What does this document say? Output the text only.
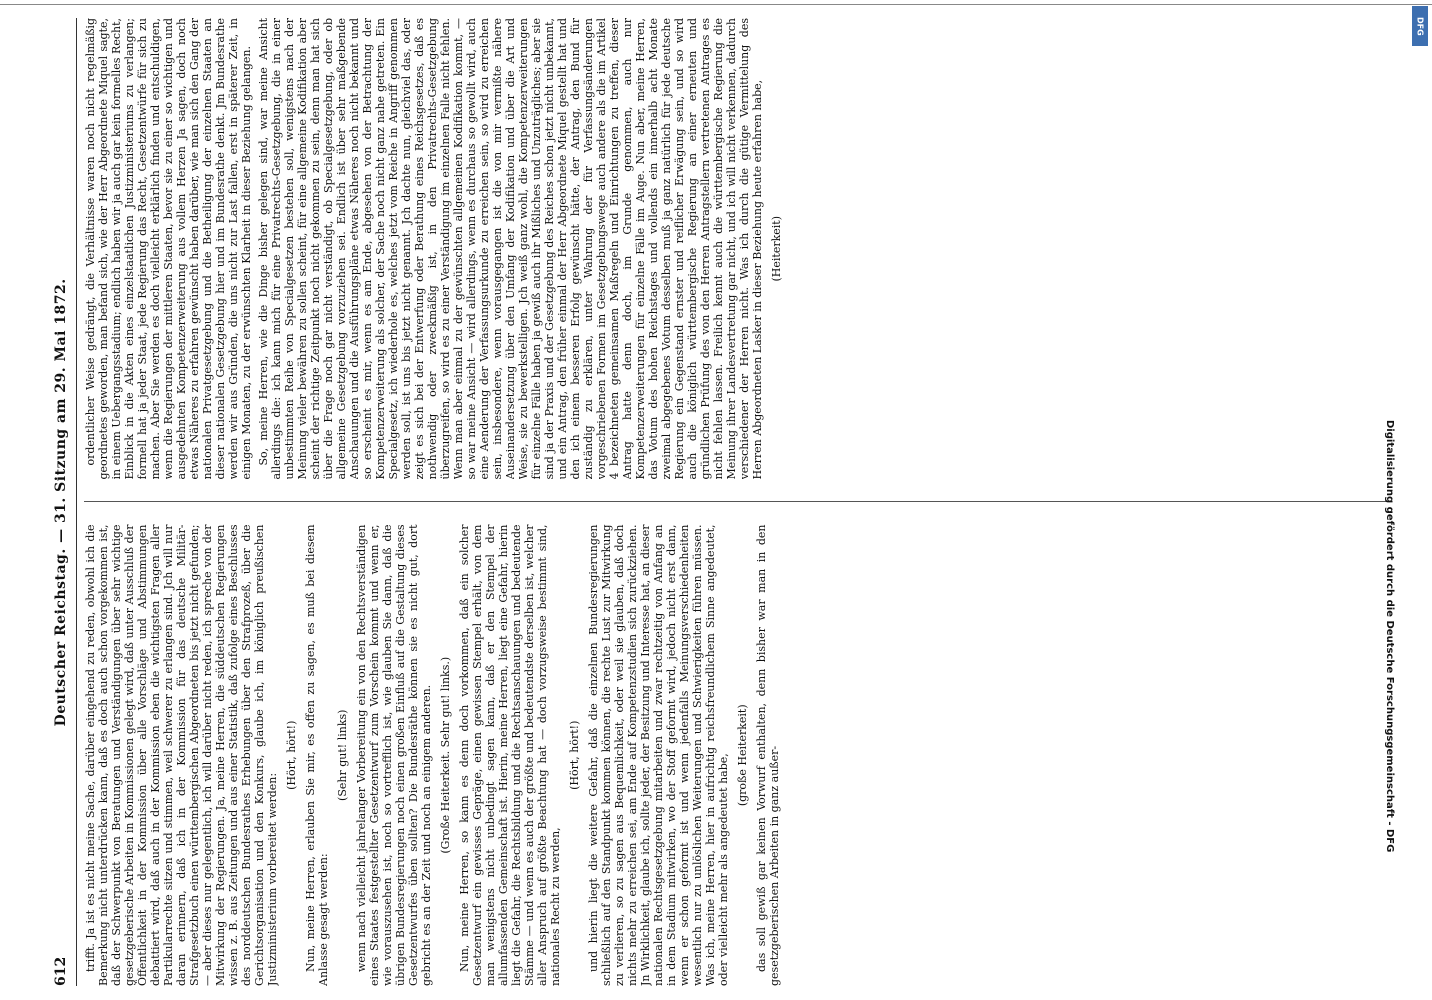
612
Deutscher Reichstag. — 31. Sitzung am 29. Mai 1872.

trifft. Ja ist es nicht meine Sache, darüber eingehend zu reden, obwohl ich die Bemerkung nicht unterdrücken kann, daß es doch auch schon vorgekommen ist, daß der Schwerpunkt von Beratungen und Verständigungen über sehr wichtige gesetzgeberische Arbeiten in Kommissionen gelegt wird, daß unter Ausschluß der Öffentlichkeit in der Kommission über alle Vorschläge und Abstimmungen debattiert wird, daß auch in der Kommission eben die wichtigsten Fragen aller Partikularrechte sitzen und stimmen, weil schwerer zu erlangen sind. Jch will nur daran erinnern, daß ich in der Kommission für das deutsche Militär-Strafgesetzbuch einen württembergischen Abgeordneten bis jetzt nicht gefunden; — aber dieses nur gelegentlich, ich will darüber nicht reden, ich spreche von der Mitwirkung der Regierungen. Ja, meine Herren, die süddeutschen Regierungen wissen z. B. aus Zeitungen und aus einer Statistik, daß zufolge eines Beschlusses des norddeutschen Bundesrathes Erhebungen über den Strafprozeß, über die Gerichtsorganisation und den Konkurs, glaube ich, im königlich preußischen Justizministerium vorbereitet werden:

(Hört, hört!) Nun, meine Herren, erlauben Sie mir, es offen zu sagen, es muß bei diesem Anlasse gesagt werden:

(Sehr gut! links) wenn nach vielleicht jahrelanger Vorbereitung ein von den Rechtsverständigen eines Staates festgestellter Gesetzentwurf zum Vorschein kommt und wenn er, wie vorauszusehen ist, noch so vortrefflich ist, wie glauben Sie dann, daß die übrigen Bundesregierungen noch einen großen Einfluß auf die Gestaltung dieses Gesetzentwurfes üben sollten? Die Bundesräthe können sie es nicht gut, dort gebricht es an der Zeit und noch an einigem anderen. (Große Heiterkeit. Sehr gut! links.) Nun, meine Herren, so kann es denn doch vorkommen, daß ein solcher Gesetzentwurf ein gewisses Gepräge, einen gewissen Stempel erhält, von dem man wenigstens nicht unbedingt sagen kann, daß er den Stempel der allumfassenden Gemeinschaft ist. Hierin, meine Herren, liegt eine Gefahr, hierin liegt die Gefahr, die Rechtsbildung und die Rechtsanschauungen und bedeutende Stämme — und wenn es auch der größte und bedeutendste derselben ist, welcher aller Anspruch auf größte Beachtung hat — doch vorzugsweise bestimmt sind, nationales Recht zu werden,

(Hört, hört!) und hierin liegt die weitere Gefahr, daß die einzelnen Bundesregierungen schließlich auf den Standpunkt kommen können, die rechte Lust zur Mitwirkung zu verlieren, so zu sagen aus Bequemlichkeit, oder weil sie glauben, daß doch nichts mehr zu erreichen sei, am Ende auf Kompetenzstudien sich zurückziehen. Jn Wirklichkeit, glaube ich, sollte jeder, der Besitzung und Interesse hat, an dieser nationalen Rechtsgesetzgebung mitarbeiten und zwar rechtzeitig von Anfang an in dem Stadium mitwirken, wo der Stoff geformt wird, jedoch nicht erst dann, wenn er schon geformt ist und wenn jedenfalls Meinungsverschiedenheiten wesentlich nur zu unlöslichen Weiterungen und Schwierigkeiten führen müssen. Was ich, meine Herren, hier in aufrichtig reichsfreundlichem Sinne angedeutet, oder vielleicht mehr als angedeutet habe, (große Heiterkeit) das soll gewiß gar keinen Vorwurf enthalten, denn bisher war man in den gesetzgeberischen Arbeiten in ganz außer-

ordentlicher Weise gedrängt, die Verhältnisse waren noch nicht regelmäßig geordnetes geworden, man befand sich, wie der Herr Abgeordnete Miquel sagte, in einem Uebergangsstadium; endlich haben wir ja auch gar kein formelles Recht, Einblick in die Akten eines einzelstaatlichen Justizministeriums zu verlangen; formell hat ja jeder Staat, jede Regierung das Recht, Gesetzentwürfe für sich zu machen. Aber Sie werden es doch vielleicht erklärlich finden und entschuldigen, wenn die Regierungen der mittleren Staaten, bevor sie zu einer so wichtigen und ausgedehnten Kompetenzerweiterung aus vollem Herzen Ja sagen, doch noch etwas Näheres zu erfahren gewünscht haben darüber, wie man sich den Gang der nationalen Privatgesetzgebung und die Betheiligung der einzelnen Staaten an dieser nationalen Gesetzgebung hier und im Bundesrathe denkt. Jm Bundesrathe werden wir aus Gründen, die uns nicht zur Last fallen, erst in späterer Zeit, in einigen Monaten, zu der erwünschten Klarheit in dieser Beziehung gelangen. So, meine Herren, wie die Dinge bisher gelegen sind, war meine Ansicht allerdings die: ich kann mich für eine Privatrechts-Gesetzgebung, die in einer unbestimmten Reihe von Specialgesetzen bestehen soll, wenigstens nach der Meinung vieler bewähren zu sollen scheint, für eine allgemeine Kodifikation aber scheint der richtige Zeitpunkt noch nicht gekommen zu sein, denn man hat sich über die Frage noch gar nicht verständigt, ob Specialgesetzgebung, oder ob allgemeine Gesetzgebung vorzuziehen sei. Endlich ist über sehr maßgebende Anschauungen und die Ausführungspläne etwas Näheres noch nicht bekannt und so erscheint es mir, wenn es am Ende, abgesehen von der Betrachtung der Kompetenzerweiterung als solcher, der Sache noch nicht ganz nahe getreten. Ein Specialgesetz, ich wiederhole es, welches jetzt vom Reiche in Angriff genommen werden soll, ist uns bis jetzt nicht genannt. Jch dachte nun, gleichviel das, oder zeigt es sich bei der Entwerfung oder Berathung eines Reichsgesetzes, daß es nothwendig oder zweckmäßig ist, in den Privatrechts-Gesetzgebung überzugreifen, so wird es zu einer Verständigung im einzelnen Falle nicht fehlen. Wenn man aber einmal zu der gewünschten allgemeinen Kodifikation kommt, — so war meine Ansicht — wird allerdings, wenn es durchaus so gewollt wird, auch eine Aenderung der Verfassungsurkunde zu erreichen sein, so wird zu erreichen sein, insbesondere, wenn vorausgegangen ist die von mir vermißte nähere Auseinandersetzung über den Umfang der Kodifikation und über die Art und Weise, sie zu bewerkstelligen. Jch weiß ganz wohl, die Kompetenzerweiterungen für einzelne Fälle haben ja gewiß auch ihr Mißliches und Unzuträgliches; aber sie sind ja der Praxis und der Gesetzgebung des Reiches schon jetzt nicht unbekannt, und ein Antrag, den früher einmal der Herr Abgeordnete Miquel gestellt hat und den ich einem besseren Erfolg gewünscht hätte, der Antrag, den Bund für zuständig zu erklären, unter Wahrung der für Verfassungsänderungen vorgeschriebenen Formen im Gesetzgebungswege auch andere als die im Artikel 4 bezeichneten gemeinsamen Maßregeln und Einrichtungen zu treffen, dieser Antrag hatte denn doch, im Grunde genommen, auch nur Kompetenzerweiterungen für einzelne Fälle im Auge. Nun aber, meine Herren, das Votum des hohen Reichstages und vollends ein innerhalb acht Monate zweimal abgegebenes Votum desselben muß ja ganz natürlich für jede deutsche Regierung ein Gegenstand ernster und reiflicher Erwägung sein, und so wird auch die königlich württembergische Regierung an einer erneuten und gründlichen Prüfung des von den Herren Antragstellern vertretenen Antrages es nicht fehlen lassen. Freilich kennt auch die württembergische Regierung die Meinung ihrer Landesvertretung gar nicht, und ich will nicht verkennen, dadurch verschiedener der Herren nicht. Was ich durch die gütige Vermittelung des Herren Abgeordneten Lasker in dieser Beziehung heute erfahren habe, (Heiterkeit)

DFG
Digitalisierung gefördert durch die Deutsche Forschungsgemeinschaft - DFG
